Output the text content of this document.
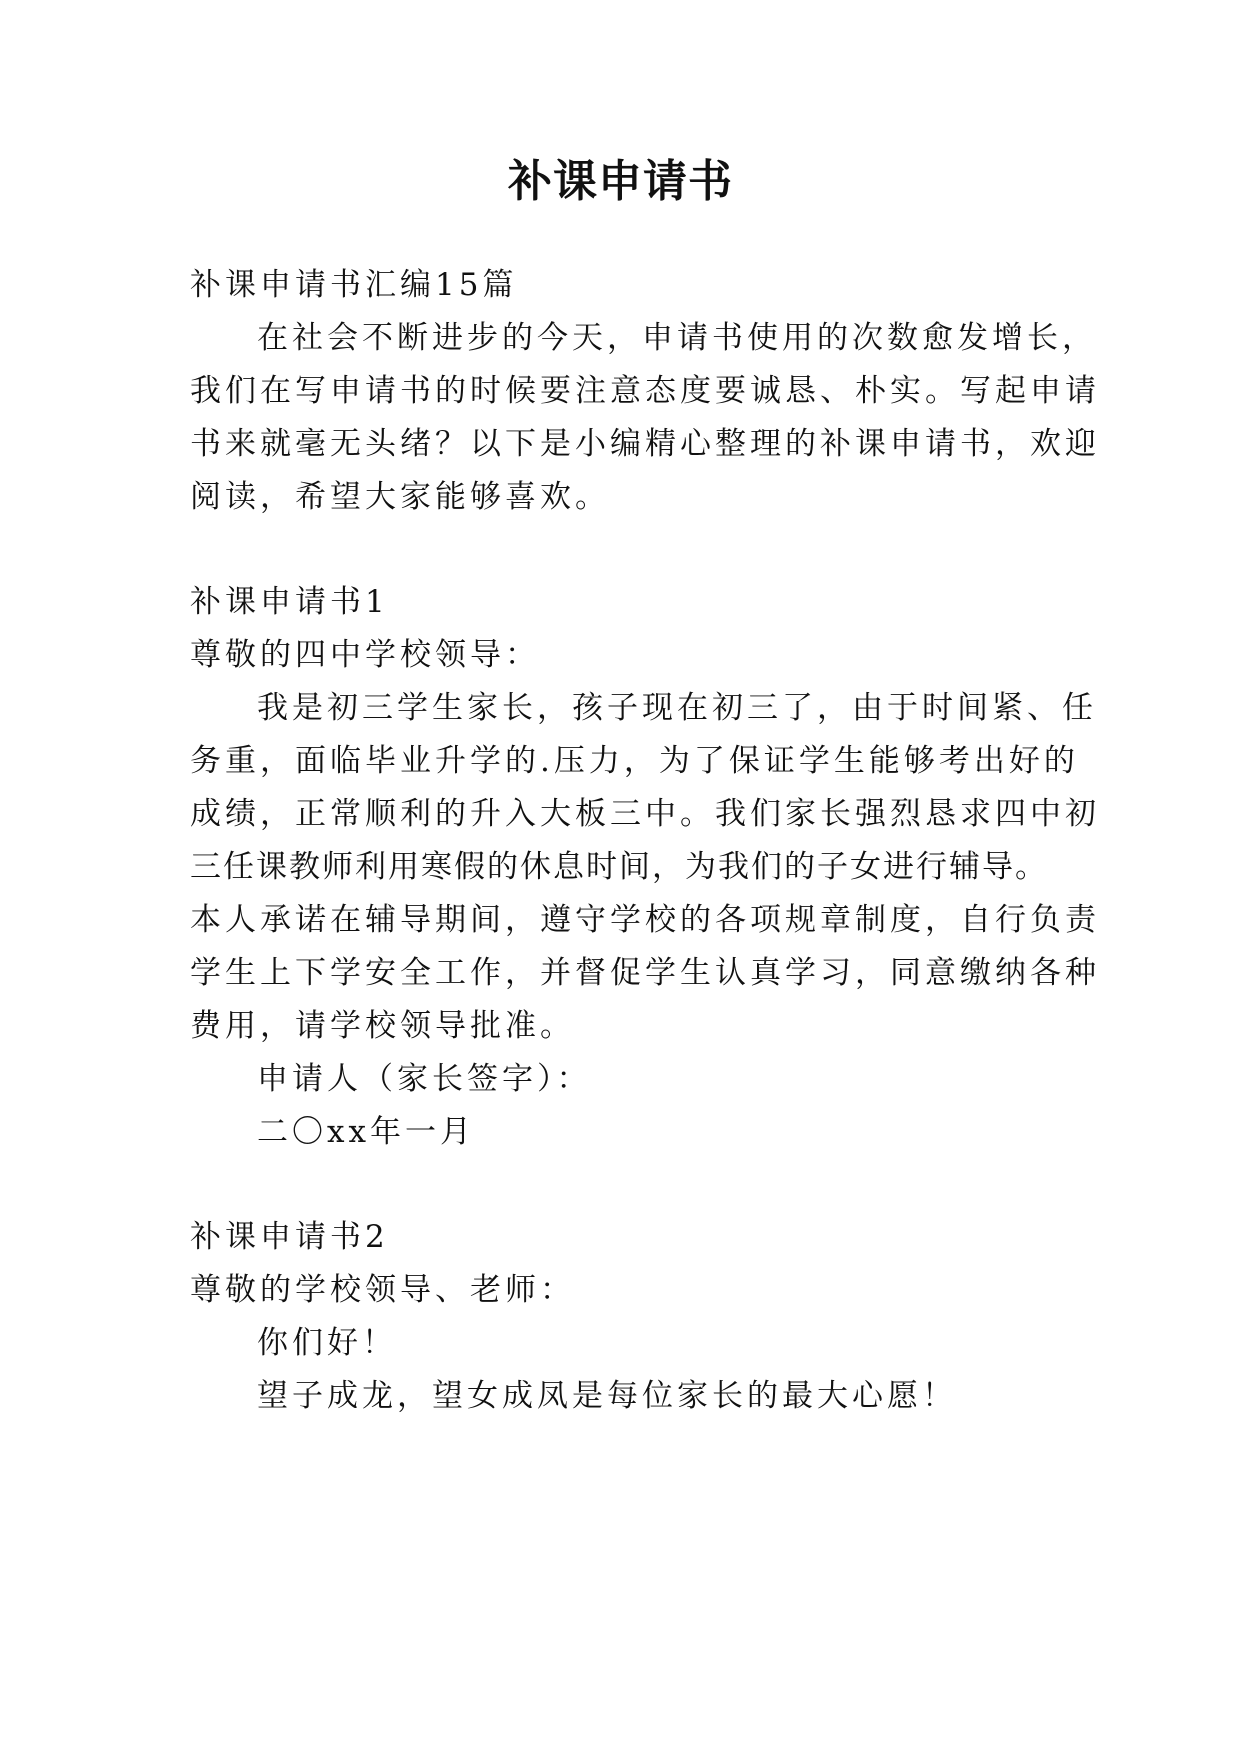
补课申请书
补课申请书汇编15篇
在社会不断进步的今天，申请书使用的次数愈发增长，
我们在写申请书的时候要注意态度要诚恳、朴实。写起申请
书来就毫无头绪？以下是小编精心整理的补课申请书，欢迎
阅读，希望大家能够喜欢。
补课申请书1
尊敬的四中学校领导：
我是初三学生家长，孩子现在初三了，由于时间紧、任
务重，面临毕业升学的.压力，为了保证学生能够考出好的
成绩，正常顺利的升入大板三中。我们家长强烈恳求四中初
三任课教师利用寒假的休息时间，为我们的子女进行辅导。
本人承诺在辅导期间，遵守学校的各项规章制度，自行负责
学生上下学安全工作，并督促学生认真学习，同意缴纳各种
费用，请学校领导批准。
申请人（家长签字）：
二〇xx年一月
补课申请书2
尊敬的学校领导、老师：
你们好！
望子成龙，望女成凤是每位家长的最大心愿！
